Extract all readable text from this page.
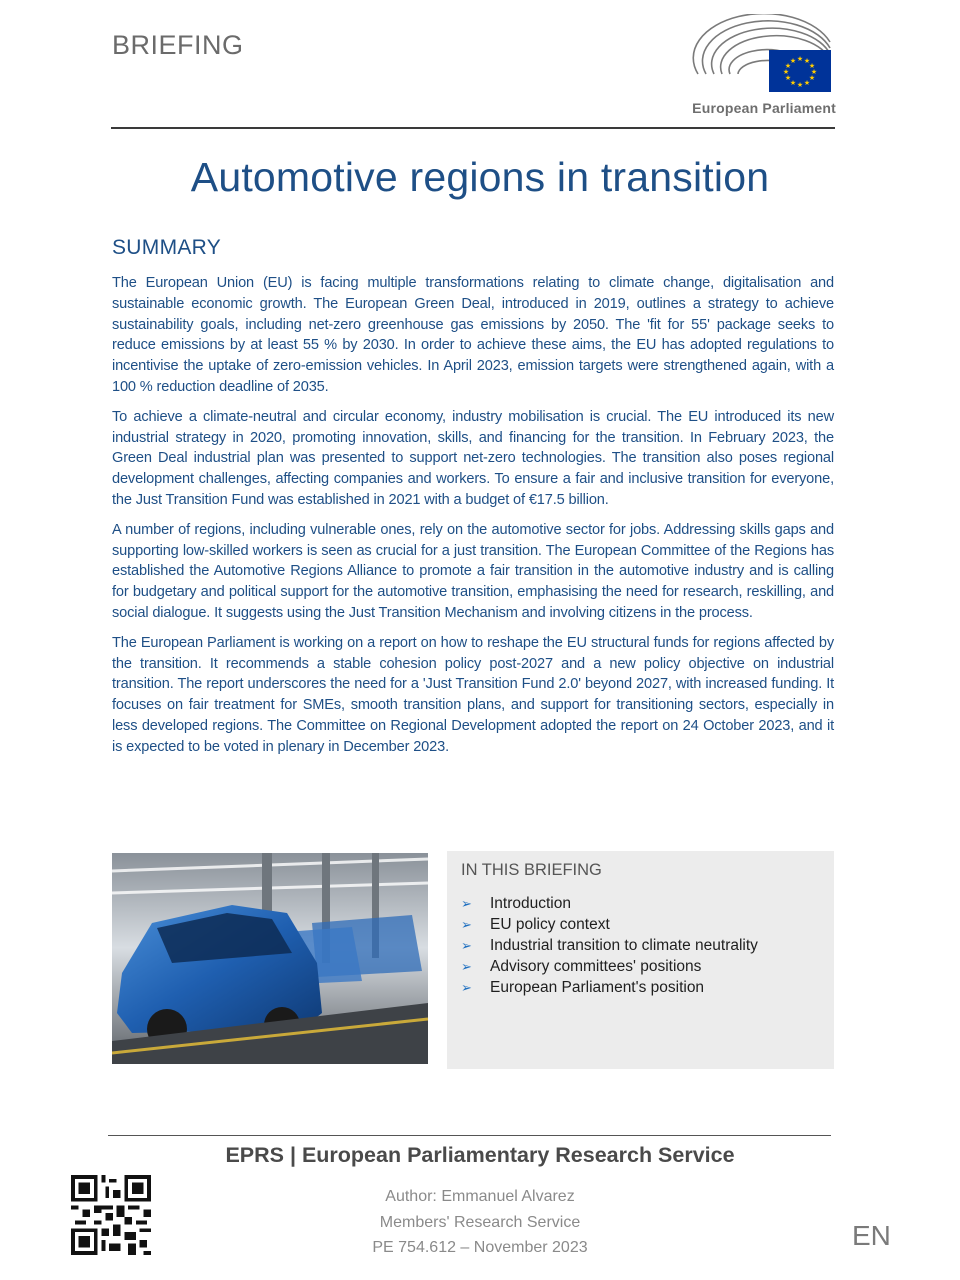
BRIEFING	★ ★
★
★
★
★
★
★
★
★
★
★
European Parliament
Automotive regions in transition
SUMMARY

The European Union (EU) is facing multiple transformations relating to climate change, digitalisation and sustainable economic growth. The European Green Deal, introduced in 2019, outlines a strategy to achieve sustainability goals, including net-zero greenhouse gas emissions by 2050. The 'fit for 55' package seeks to reduce emissions by at least 55 % by 2030. In order to achieve these aims, the EU has adopted regulations to incentivise the uptake of zero-emission vehicles. In April 2023, emission targets were strengthened again, with a 100 % reduction deadline of 2035.

To achieve a climate-neutral and circular economy, industry mobilisation is crucial. The EU introduced its new industrial strategy in 2020, promoting innovation, skills, and financing for the transition. In February 2023, the Green Deal industrial plan was presented to support net-zero technologies. The transition also poses regional development challenges, affecting companies and workers. To ensure a fair and inclusive transition for everyone, the Just Transition Fund was established in 2021 with a budget of €17.5 billion.

A number of regions, including vulnerable ones, rely on the automotive sector for jobs. Addressing skills gaps and supporting low-skilled workers is seen as crucial for a just transition. The European Committee of the Regions has established the Automotive Regions Alliance to promote a fair transition in the automotive industry and is calling for budgetary and political support for the automotive transition, emphasising the need for research, reskilling, and social dialogue. It suggests using the Just Transition Mechanism and involving citizens in the process.

The European Parliament is working on a report on how to reshape the EU structural funds for regions affected by the transition. It recommends a stable cohesion policy post-2027 and a new policy objective on industrial transition. The report underscores the need for a 'Just Transition Fund 2.0' beyond 2027, with increased funding. It focuses on fair treatment for SMEs, smooth transition plans, and support for transitioning sectors, especially in less developed regions. The Committee on Regional Development adopted the report on 24 October 2023, and it is expected to be voted in plenary in December 2023.

IN THIS BRIEFING
➢	Introduction
➢	EU policy context
➢	Industrial transition to climate neutrality
➢	Advisory committees' positions
➢	European Parliament's position
EPRS | European Parliamentary Research Service
Author: Emmanuel Alvarez
Members' Research Service
PE 754.612 – November 2023	EN
